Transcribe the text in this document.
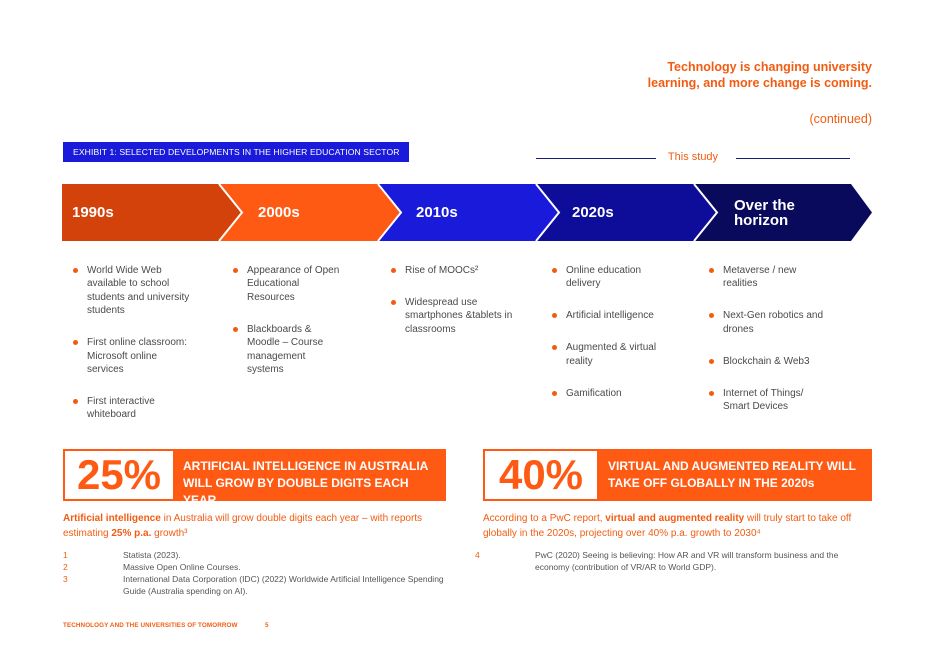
Technology is changing university learning, and more change is coming.
(continued)
EXHIBIT 1: SELECTED DEVELOPMENTS IN THE HIGHER EDUCATION SECTOR	This study
1990s	2000s	2010s	2020s	Over the horizon
World Wide Web available to school students and university students
First online classroom: Microsoft online services
First interactive whiteboard
Appearance of Open Educational Resources
Blackboards & Moodle – Course management systems
Rise of MOOCs²
Widespread use smartphones &tablets in classrooms
Online education delivery
Artificial intelligence
Augmented & virtual reality
Gamification
Metaverse / new realities
Next-Gen robotics and drones
Blockchain & Web3
Internet of Things/ Smart Devices
25%	ARTIFICIAL INTELLIGENCE IN AUSTRALIA WILL GROW BY DOUBLE DIGITS EACH YEAR
Artificial intelligence in Australia will grow double digits each year – with reports estimating 25% p.a. growth³
40%	VIRTUAL AND AUGMENTED REALITY WILL TAKE OFF GLOBALLY IN THE 2020s
According to a PwC report, virtual and augmented reality will truly start to take off globally in the 2020s, projecting over 40% p.a. growth to 2030⁴
1	Statista (2023).
2	Massive Open Online Courses.
3	International Data Corporation (IDC) (2022) Worldwide Artificial Intelligence Spending Guide (Australia spending on AI).
4	PwC (2020) Seeing is believing: How AR and VR will transform business and the economy (contribution of VR/AR to World GDP).
TECHNOLOGY AND THE UNIVERSITIES OF TOMORROW	5
